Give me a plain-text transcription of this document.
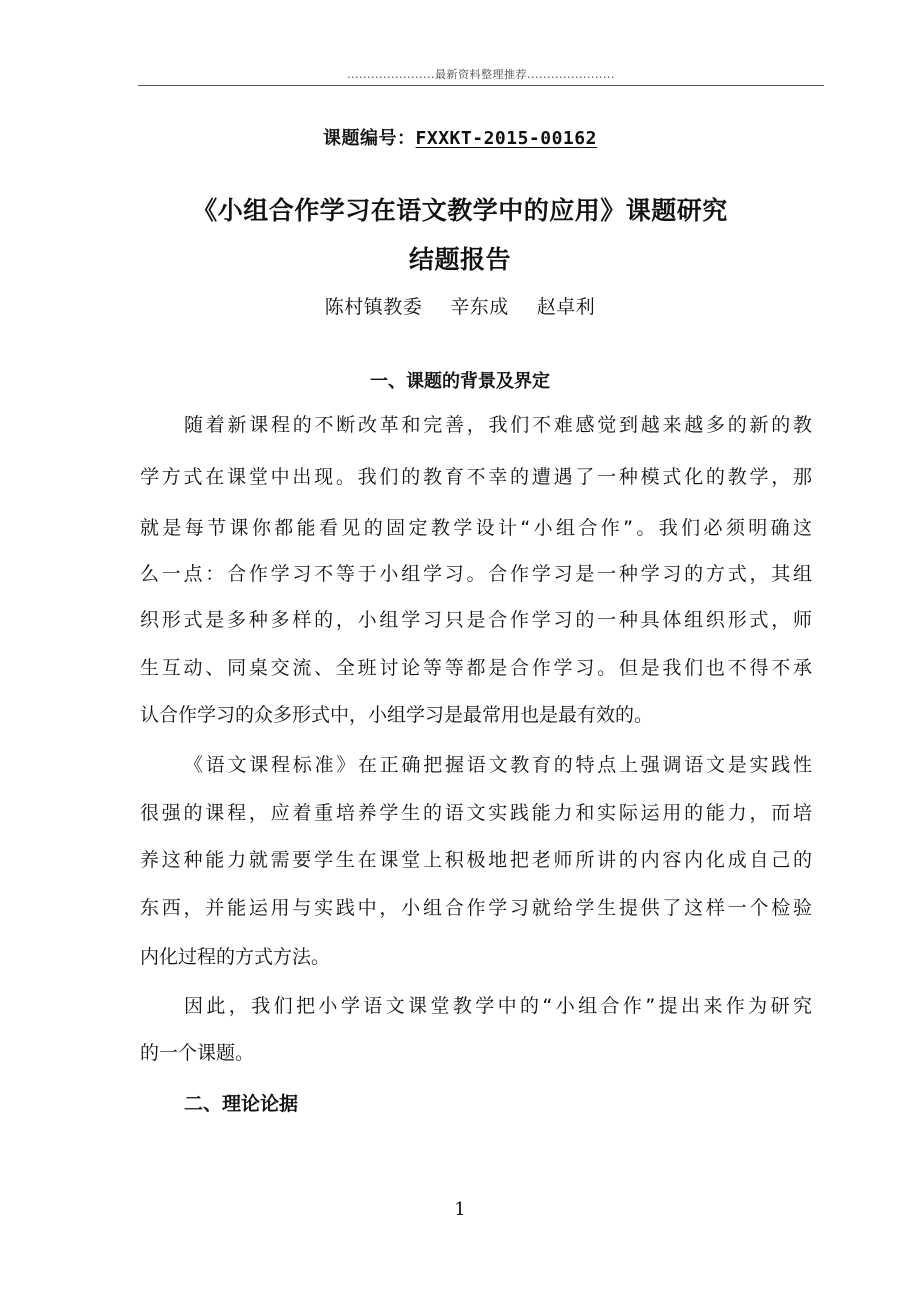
......................最新资料整理推荐......................
课题编号：FXXKT-2015-00162
《小组合作学习在语文教学中的应用》课题研究
结题报告
陈村镇教委 辛东成 赵卓利
一、课题的背景及界定
随着新课程的不断改革和完善，我们不难感觉到越来越多的新的教
学方式在课堂中出现。我们的教育不幸的遭遇了一种模式化的教学，那
就是每节课你都能看见的固定教学设计“小组合作”。我们必须明确这
么一点：合作学习不等于小组学习。合作学习是一种学习的方式，其组
织形式是多种多样的，小组学习只是合作学习的一种具体组织形式，师
生互动、同桌交流、全班讨论等等都是合作学习。但是我们也不得不承
认合作学习的众多形式中，小组学习是最常用也是最有效的。
《语文课程标准》在正确把握语文教育的特点上强调语文是实践性
很强的课程，应着重培养学生的语文实践能力和实际运用的能力，而培
养这种能力就需要学生在课堂上积极地把老师所讲的内容内化成自己的
东西，并能运用与实践中，小组合作学习就给学生提供了这样一个检验
内化过程的方式方法。
因此，我们把小学语文课堂教学中的“小组合作”提出来作为研究
的一个课题。
二、理论论据
1
